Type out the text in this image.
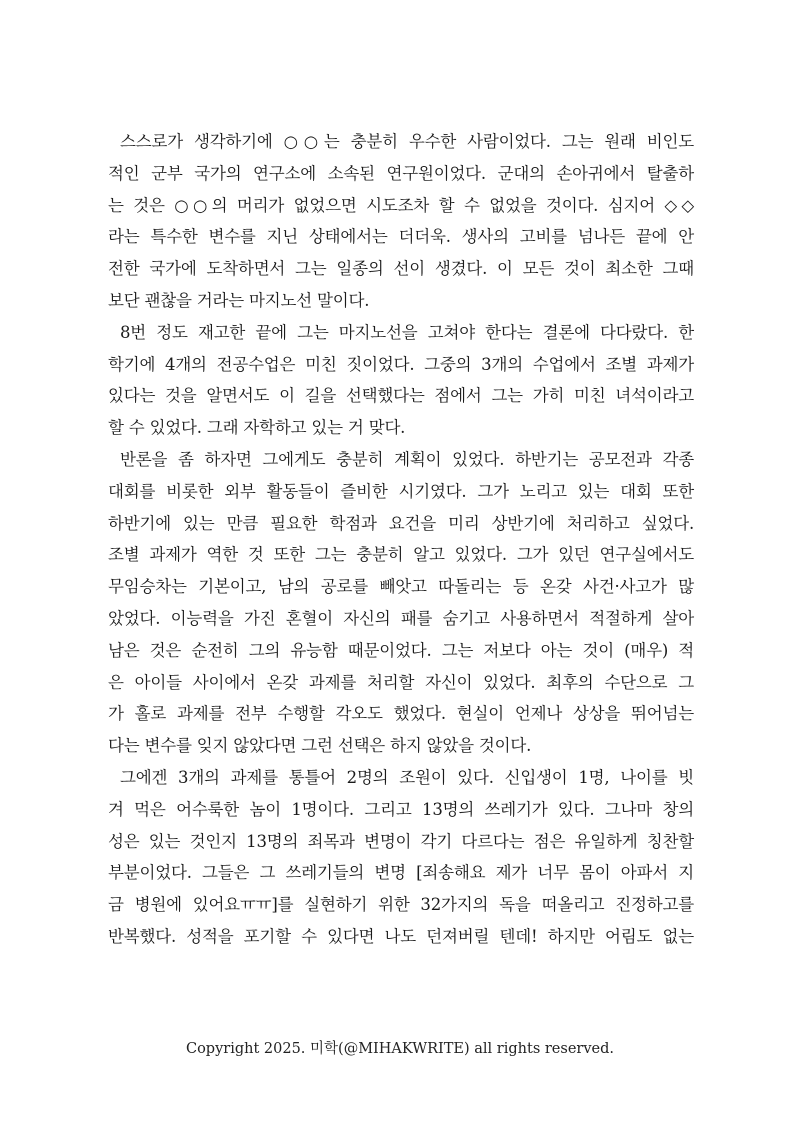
스스로가 생각하기에 ○○는 충분히 우수한 사람이었다. 그는 원래 비인도
적인 군부 국가의 연구소에 소속된 연구원이었다. 군대의 손아귀에서 탈출하
는 것은 ○○의 머리가 없었으면 시도조차 할 수 없었을 것이다. 심지어 ◇◇
라는 특수한 변수를 지닌 상태에서는 더더욱. 생사의 고비를 넘나든 끝에 안
전한 국가에 도착하면서 그는 일종의 선이 생겼다. 이 모든 것이 최소한 그때
보단 괜찮을 거라는 마지노선 말이다.
8번 정도 재고한 끝에 그는 마지노선을 고쳐야 한다는 결론에 다다랐다. 한
학기에 4개의 전공수업은 미친 짓이었다. 그중의 3개의 수업에서 조별 과제가
있다는 것을 알면서도 이 길을 선택했다는 점에서 그는 가히 미친 녀석이라고
할 수 있었다. 그래 자학하고 있는 거 맞다.
반론을 좀 하자면 그에게도 충분히 계획이 있었다. 하반기는 공모전과 각종
대회를 비롯한 외부 활동들이 즐비한 시기였다. 그가 노리고 있는 대회 또한
하반기에 있는 만큼 필요한 학점과 요건을 미리 상반기에 처리하고 싶었다.
조별 과제가 역한 것 또한 그는 충분히 알고 있었다. 그가 있던 연구실에서도
무임승차는 기본이고, 남의 공로를 빼앗고 따돌리는 등 온갖 사건·사고가 많
았었다. 이능력을 가진 혼혈이 자신의 패를 숨기고 사용하면서 적절하게 살아
남은 것은 순전히 그의 유능함 때문이었다. 그는 저보다 아는 것이 (매우) 적
은 아이들 사이에서 온갖 과제를 처리할 자신이 있었다. 최후의 수단으로 그
가 홀로 과제를 전부 수행할 각오도 했었다. 현실이 언제나 상상을 뛰어넘는
다는 변수를 잊지 않았다면 그런 선택은 하지 않았을 것이다.
그에겐 3개의 과제를 통틀어 2명의 조원이 있다. 신입생이 1명, 나이를 빗
겨 먹은 어수룩한 놈이 1명이다. 그리고 13명의 쓰레기가 있다. 그나마 창의
성은 있는 것인지 13명의 죄목과 변명이 각기 다르다는 점은 유일하게 칭찬할
부분이었다. 그들은 그 쓰레기들의 변명 [죄송해요 제가 너무 몸이 아파서 지
금 병원에 있어요ㅠㅠ]를 실현하기 위한 32가지의 독을 떠올리고 진정하고를
반복했다. 성적을 포기할 수 있다면 나도 던져버릴 텐데! 하지만 어림도 없는
Copyright 2025. 미학(@MIHAKWRITE) all rights reserved.
